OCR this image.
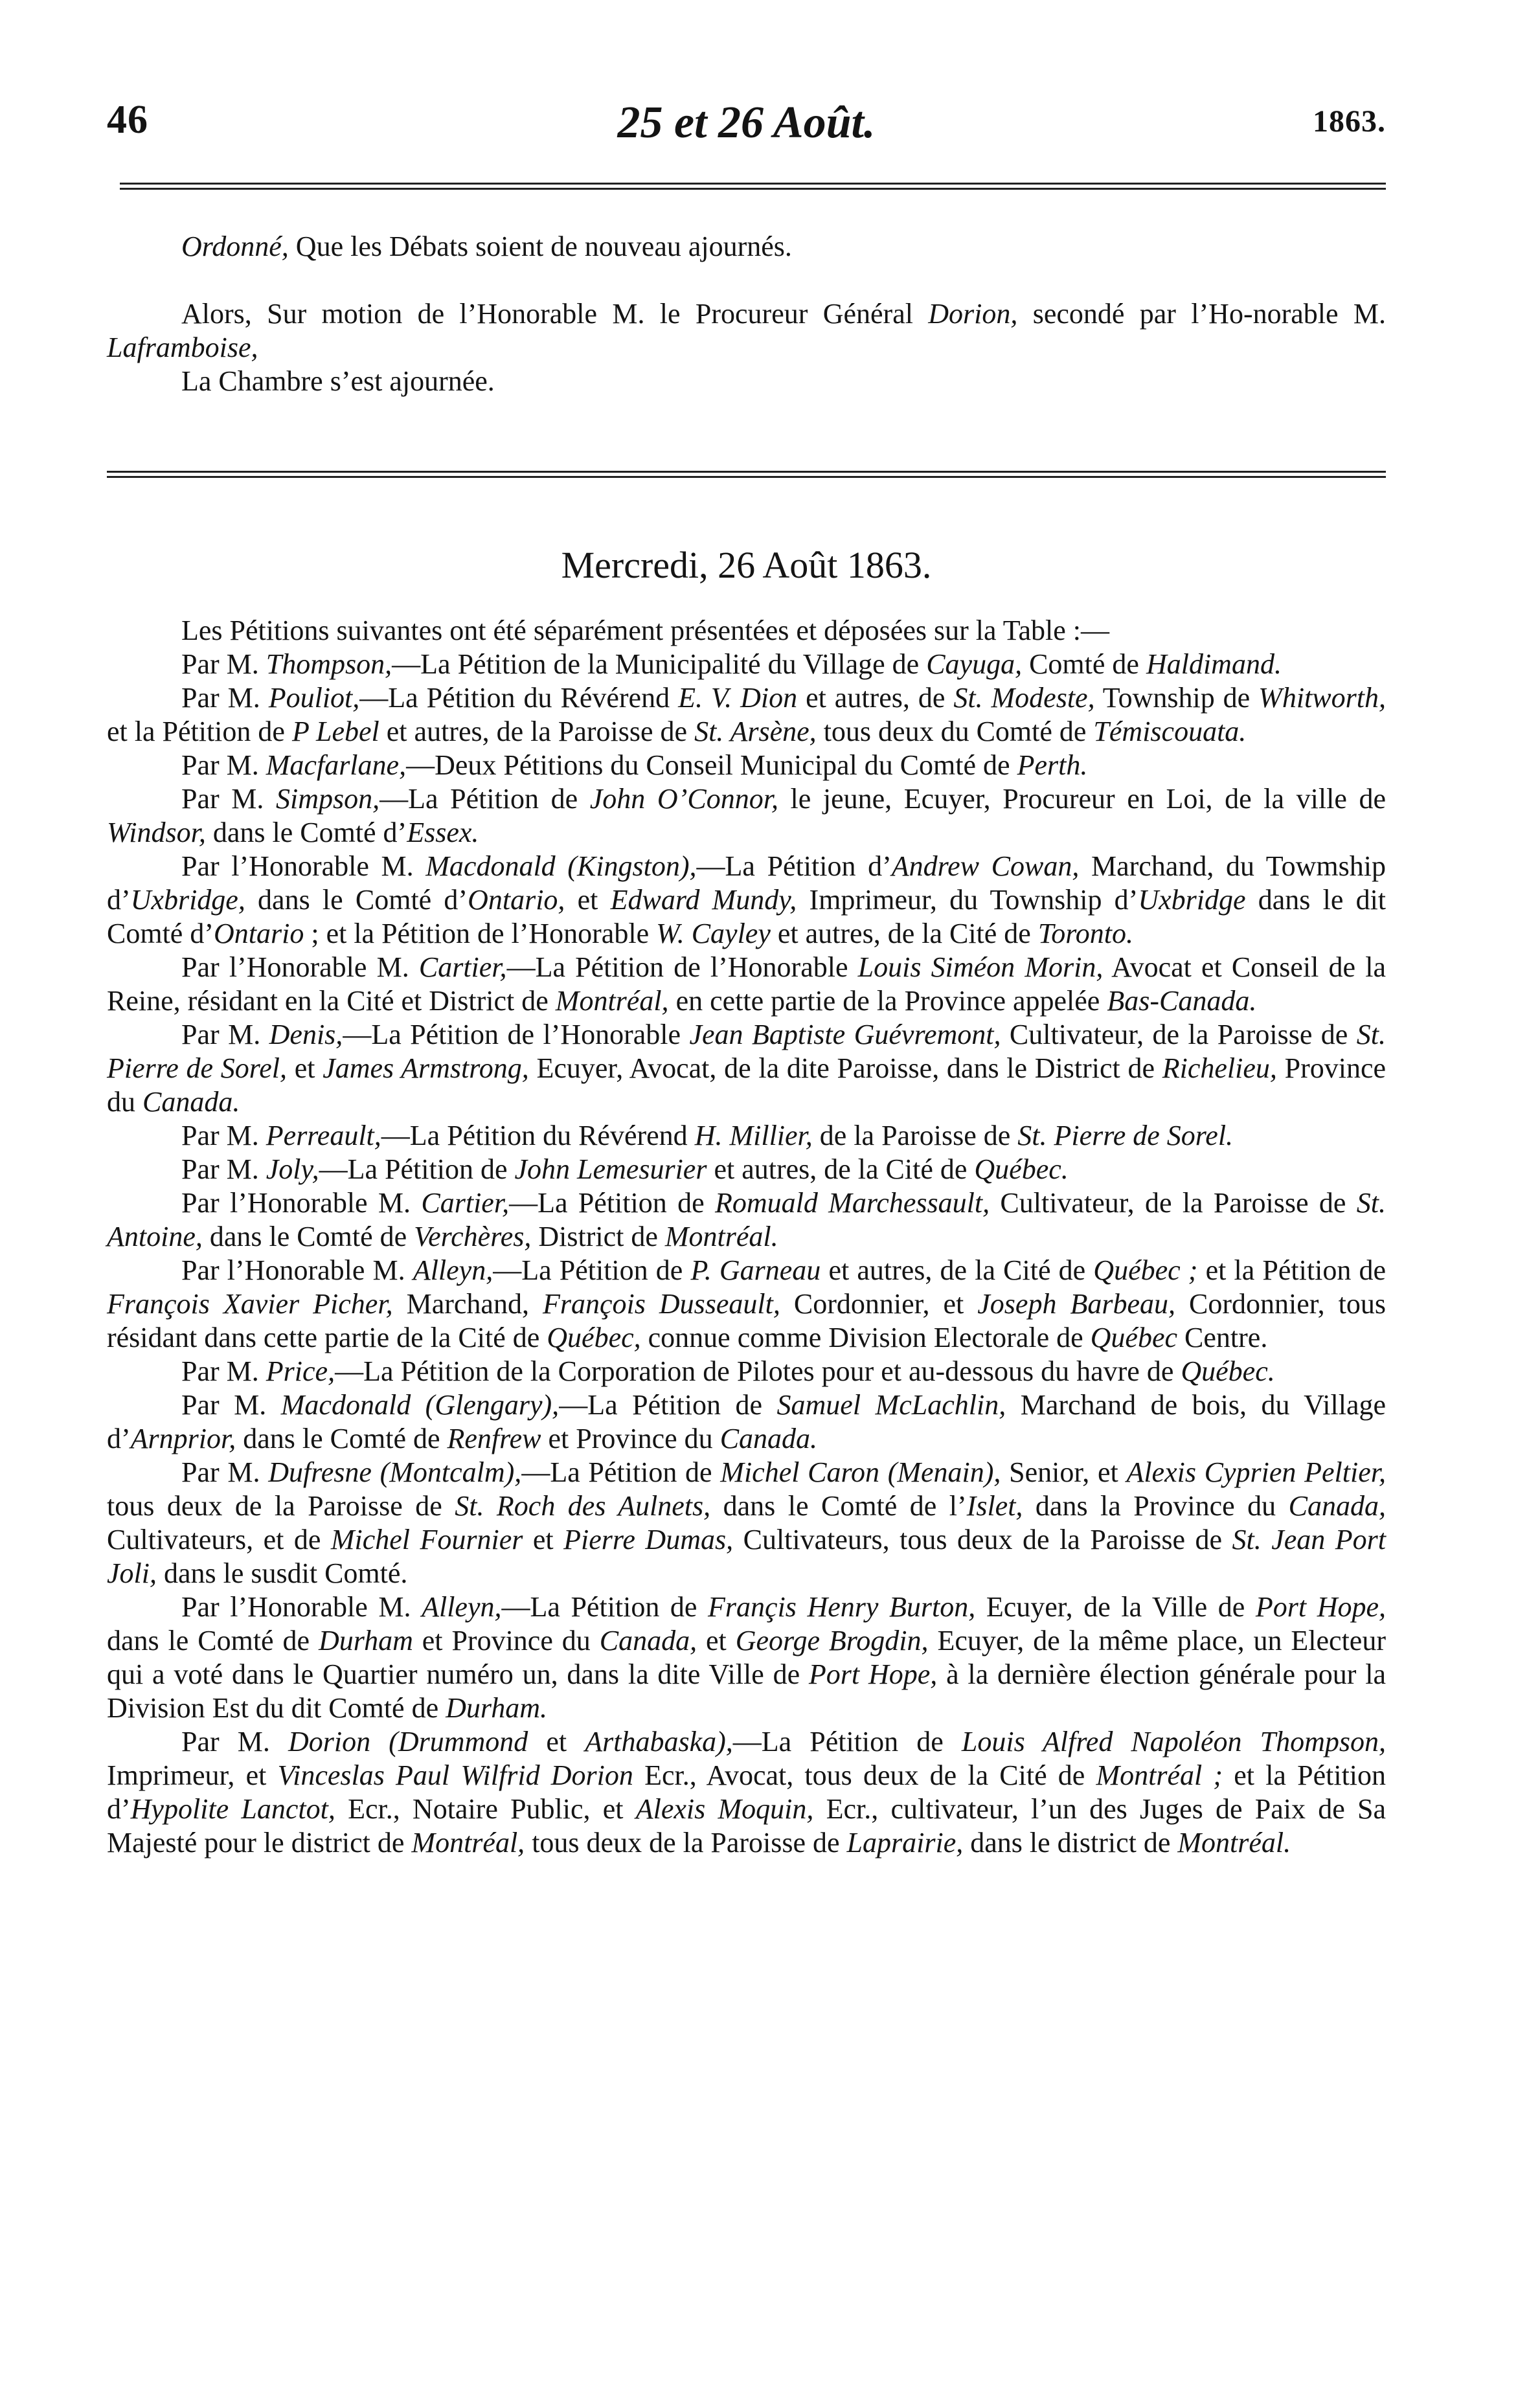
46	25 et 26 Août.	1863.

Ordonné, Que les Débats soient de nouveau ajournés.

Alors, Sur motion de l’Honorable M. le Procureur Général Dorion, secondé par l’Ho-norable M. Laframboise,

La Chambre s’est ajournée.

Mercredi, 26 Août 1863.

Les Pétitions suivantes ont été séparément présentées et déposées sur la Table :—

Par M. Thompson,—La Pétition de la Municipalité du Village de Cayuga, Comté de Haldimand.

Par M. Pouliot,—La Pétition du Révérend E. V. Dion et autres, de St. Modeste, Township de Whitworth, et la Pétition de P Lebel et autres, de la Paroisse de St. Arsène, tous deux du Comté de Témiscouata.

Par M. Macfarlane,—Deux Pétitions du Conseil Municipal du Comté de Perth.

Par M. Simpson,—La Pétition de John O’Connor, le jeune, Ecuyer, Procureur en Loi, de la ville de Windsor, dans le Comté d’Essex.

Par l’Honorable M. Macdonald (Kingston),—La Pétition d’Andrew Cowan, Marchand, du Towmship d’Uxbridge, dans le Comté d’Ontario, et Edward Mundy, Imprimeur, du Township d’Uxbridge dans le dit Comté d’Ontario ; et la Pétition de l’Honorable W. Cayley et autres, de la Cité de Toronto.

Par l’Honorable M. Cartier,—La Pétition de l’Honorable Louis Siméon Morin, Avocat et Conseil de la Reine, résidant en la Cité et District de Montréal, en cette partie de la Province appelée Bas-Canada.

Par M. Denis,—La Pétition de l’Honorable Jean Baptiste Guévremont, Cultivateur, de la Paroisse de St. Pierre de Sorel, et James Armstrong, Ecuyer, Avocat, de la dite Paroisse, dans le District de Richelieu, Province du Canada.

Par M. Perreault,—La Pétition du Révérend H. Millier, de la Paroisse de St. Pierre de Sorel.

Par M. Joly,—La Pétition de John Lemesurier et autres, de la Cité de Québec.

Par l’Honorable M. Cartier,—La Pétition de Romuald Marchessault, Cultivateur, de la Paroisse de St. Antoine, dans le Comté de Verchères, District de Montréal.

Par l’Honorable M. Alleyn,—La Pétition de P. Garneau et autres, de la Cité de Québec ; et la Pétition de François Xavier Picher, Marchand, François Dusseault, Cordonnier, et Joseph Barbeau, Cordonnier, tous résidant dans cette partie de la Cité de Québec, connue comme Division Electorale de Québec Centre.

Par M. Price,—La Pétition de la Corporation de Pilotes pour et au-dessous du havre de Québec.

Par M. Macdonald (Glengary),—La Pétition de Samuel McLachlin, Marchand de bois, du Village d’Arnprior, dans le Comté de Renfrew et Province du Canada.

Par M. Dufresne (Montcalm),—La Pétition de Michel Caron (Menain), Senior, et Alexis Cyprien Peltier, tous deux de la Paroisse de St. Roch des Aulnets, dans le Comté de l’Islet, dans la Province du Canada, Cultivateurs, et de Michel Fournier et Pierre Dumas, Cultivateurs, tous deux de la Paroisse de St. Jean Port Joli, dans le susdit Comté.

Par l’Honorable M. Alleyn,—La Pétition de Françis Henry Burton, Ecuyer, de la Ville de Port Hope, dans le Comté de Durham et Province du Canada, et George Brogdin, Ecuyer, de la même place, un Electeur qui a voté dans le Quartier numéro un, dans la dite Ville de Port Hope, à la dernière élection générale pour la Division Est du dit Comté de Durham.

Par M. Dorion (Drummond et Arthabaska),—La Pétition de Louis Alfred Napoléon Thompson, Imprimeur, et Vinceslas Paul Wilfrid Dorion Ecr., Avocat, tous deux de la Cité de Montréal ; et la Pétition d’Hypolite Lanctot, Ecr., Notaire Public, et Alexis Moquin, Ecr., cultivateur, l’un des Juges de Paix de Sa Majesté pour le district de Montréal, tous deux de la Paroisse de Laprairie, dans le district de Montréal.
